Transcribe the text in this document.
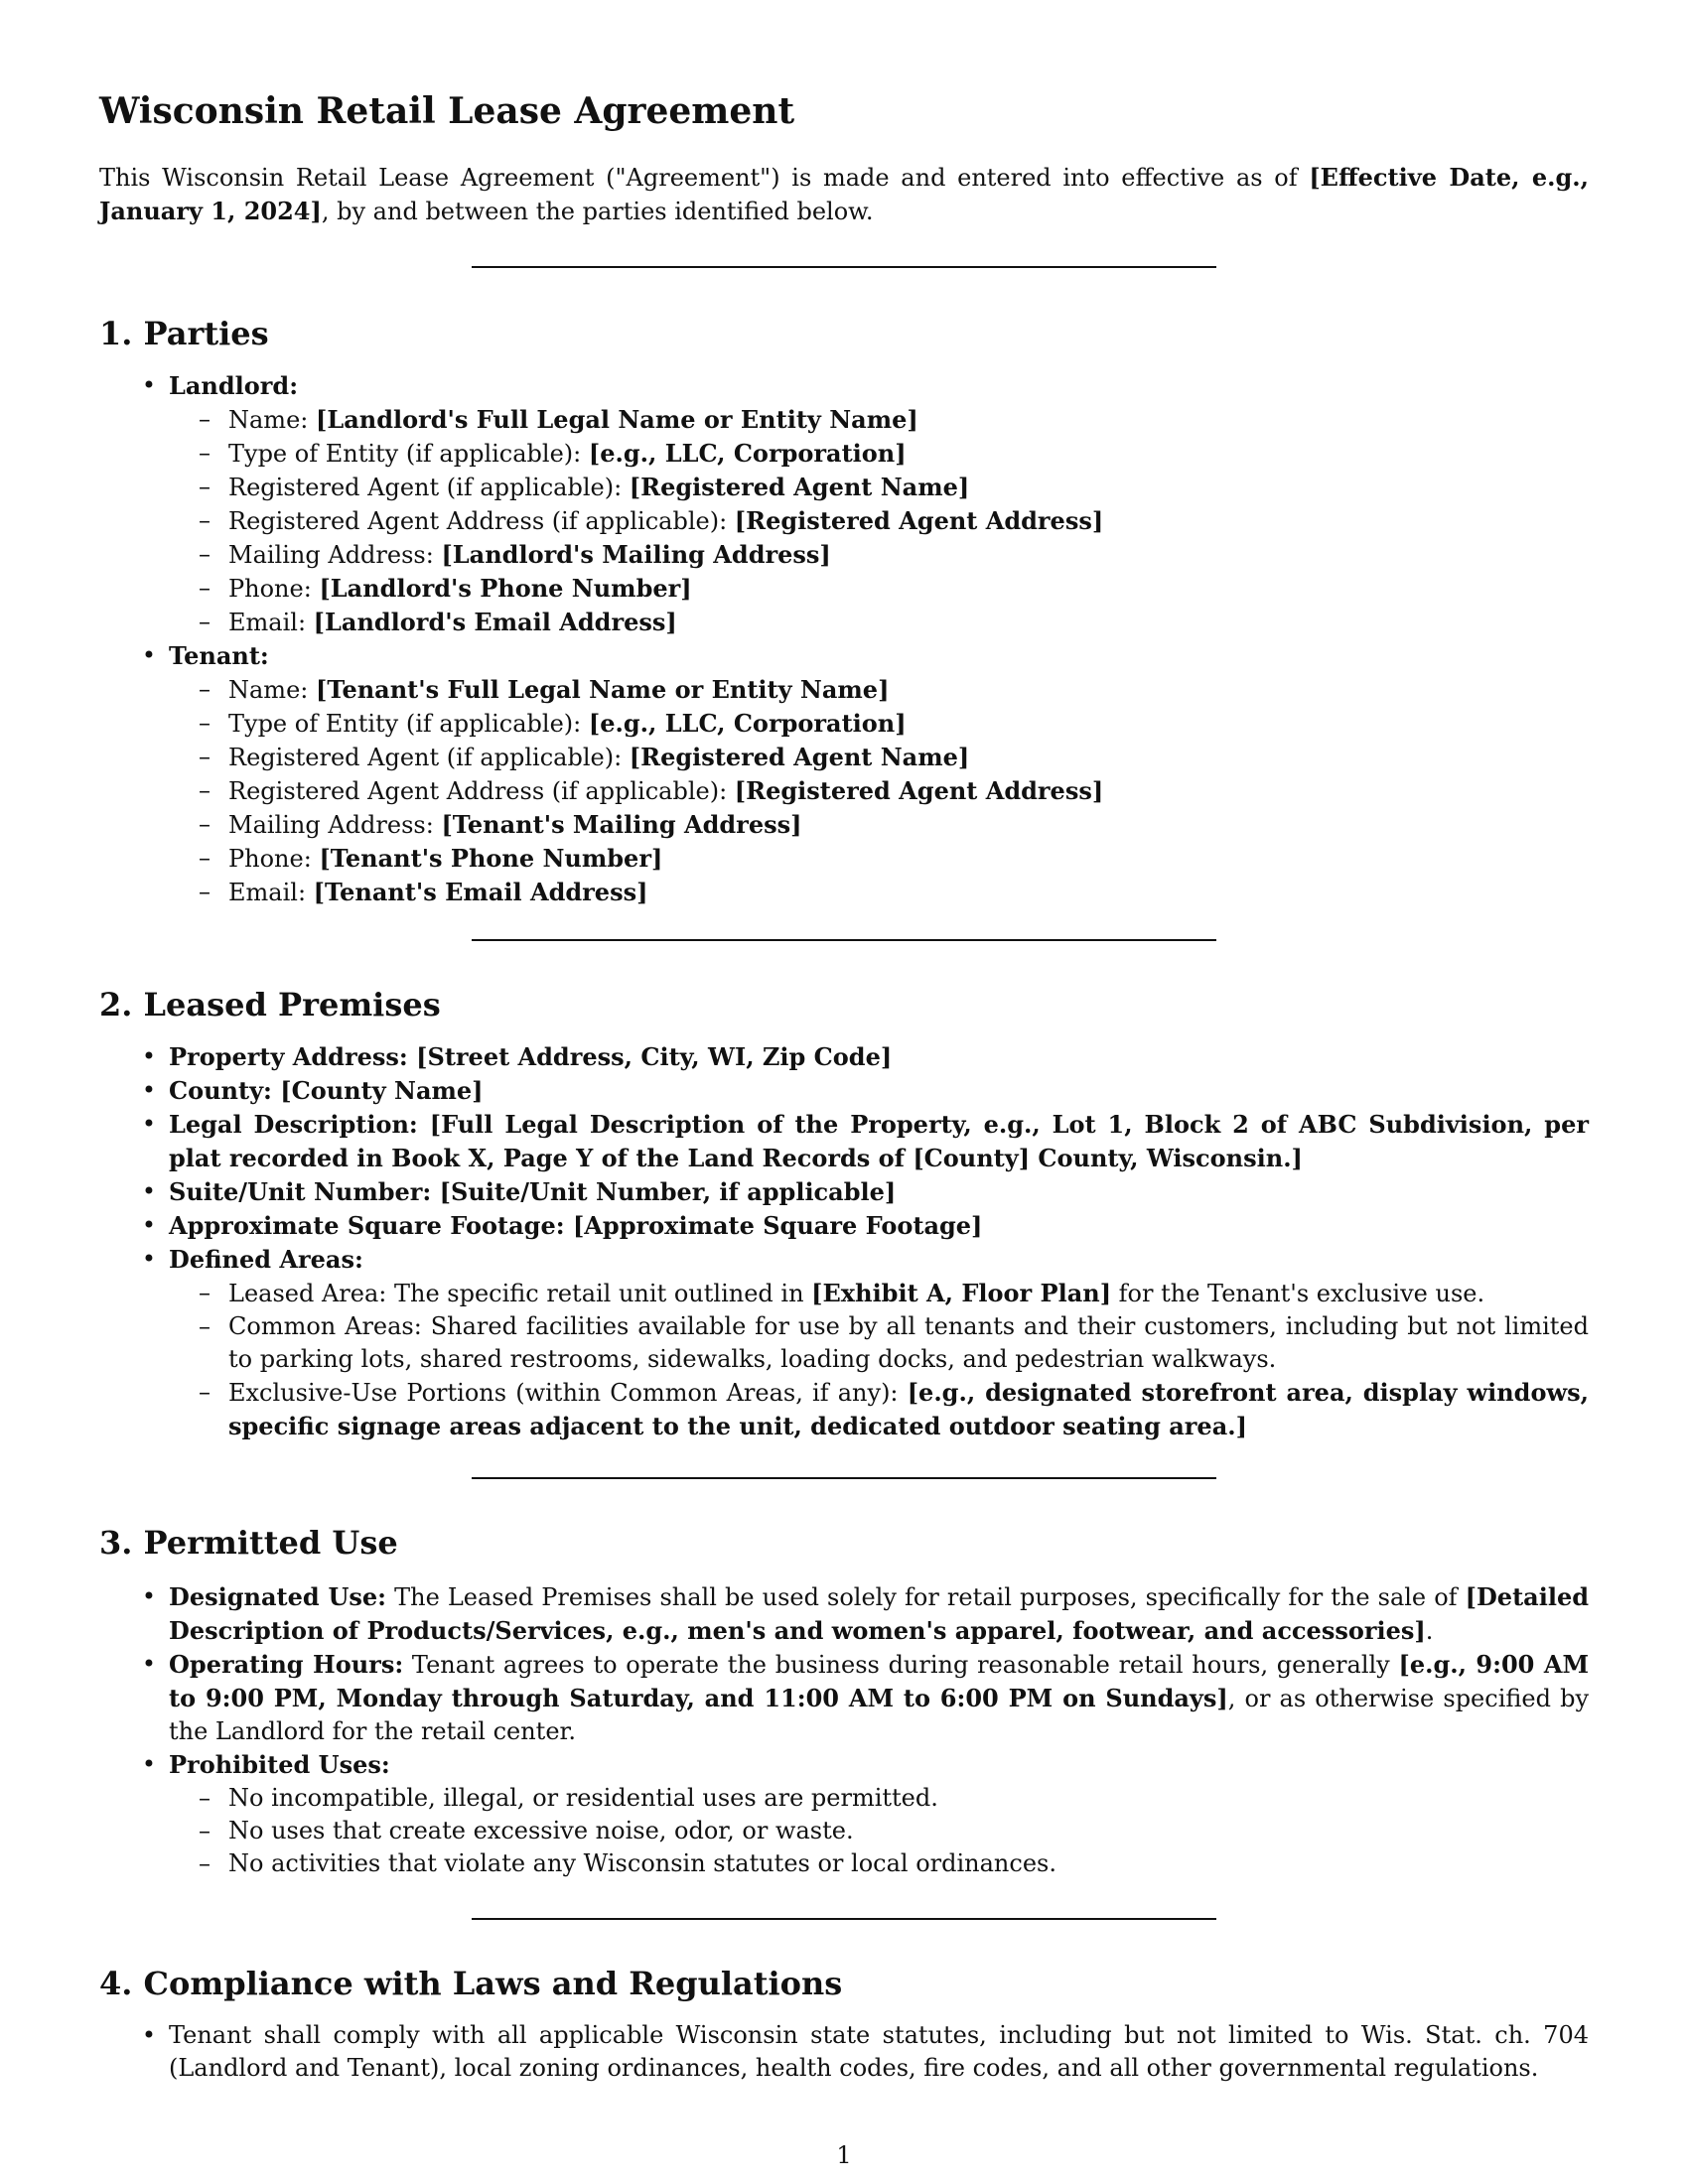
Wisconsin Retail Lease Agreement

This Wisconsin Retail Lease Agreement ("Agreement") is made and entered into effective as of [Effective Date, e.g., January 1, 2024], by and between the parties identified below.

1. Parties
• Landlord:
– Name: [Landlord's Full Legal Name or Entity Name]
– Type of Entity (if applicable): [e.g., LLC, Corporation]
– Registered Agent (if applicable): [Registered Agent Name]
– Registered Agent Address (if applicable): [Registered Agent Address]
– Mailing Address: [Landlord's Mailing Address]
– Phone: [Landlord's Phone Number]
– Email: [Landlord's Email Address]
• Tenant:
– Name: [Tenant's Full Legal Name or Entity Name]
– Type of Entity (if applicable): [e.g., LLC, Corporation]
– Registered Agent (if applicable): [Registered Agent Name]
– Registered Agent Address (if applicable): [Registered Agent Address]
– Mailing Address: [Tenant's Mailing Address]
– Phone: [Tenant's Phone Number]
– Email: [Tenant's Email Address]
2. Leased Premises
• Property Address: [Street Address, City, WI, Zip Code]
• County: [County Name]
• Legal Description: [Full Legal Description of the Property, e.g., Lot 1, Block 2 of ABC Subdivision, per plat recorded in Book X, Page Y of the Land Records of [County] County, Wisconsin.]
• Suite/Unit Number: [Suite/Unit Number, if applicable]
• Approximate Square Footage: [Approximate Square Footage]
• Defined Areas:
– Leased Area: The specific retail unit outlined in [Exhibit A, Floor Plan] for the Tenant's exclusive use.
– Common Areas: Shared facilities available for use by all tenants and their customers, including but not limited to parking lots, shared restrooms, sidewalks, loading docks, and pedestrian walkways.
– Exclusive-Use Portions (within Common Areas, if any): [e.g., designated storefront area, display windows, specific signage areas adjacent to the unit, dedicated outdoor seating area.]
3. Permitted Use
• Designated Use: The Leased Premises shall be used solely for retail purposes, specifically for the sale of [Detailed Description of Products/Services, e.g., men's and women's apparel, footwear, and accessories].
• Operating Hours: Tenant agrees to operate the business during reasonable retail hours, generally [e.g., 9:00 AM to 9:00 PM, Monday through Saturday, and 11:00 AM to 6:00 PM on Sundays], or as otherwise specified by the Landlord for the retail center.
• Prohibited Uses:
– No incompatible, illegal, or residential uses are permitted.
– No uses that create excessive noise, odor, or waste.
– No activities that violate any Wisconsin statutes or local ordinances.
4. Compliance with Laws and Regulations
• Tenant shall comply with all applicable Wisconsin state statutes, including but not limited to Wis. Stat. ch. 704 (Landlord and Tenant), local zoning ordinances, health codes, fire codes, and all other governmental regulations.
1
